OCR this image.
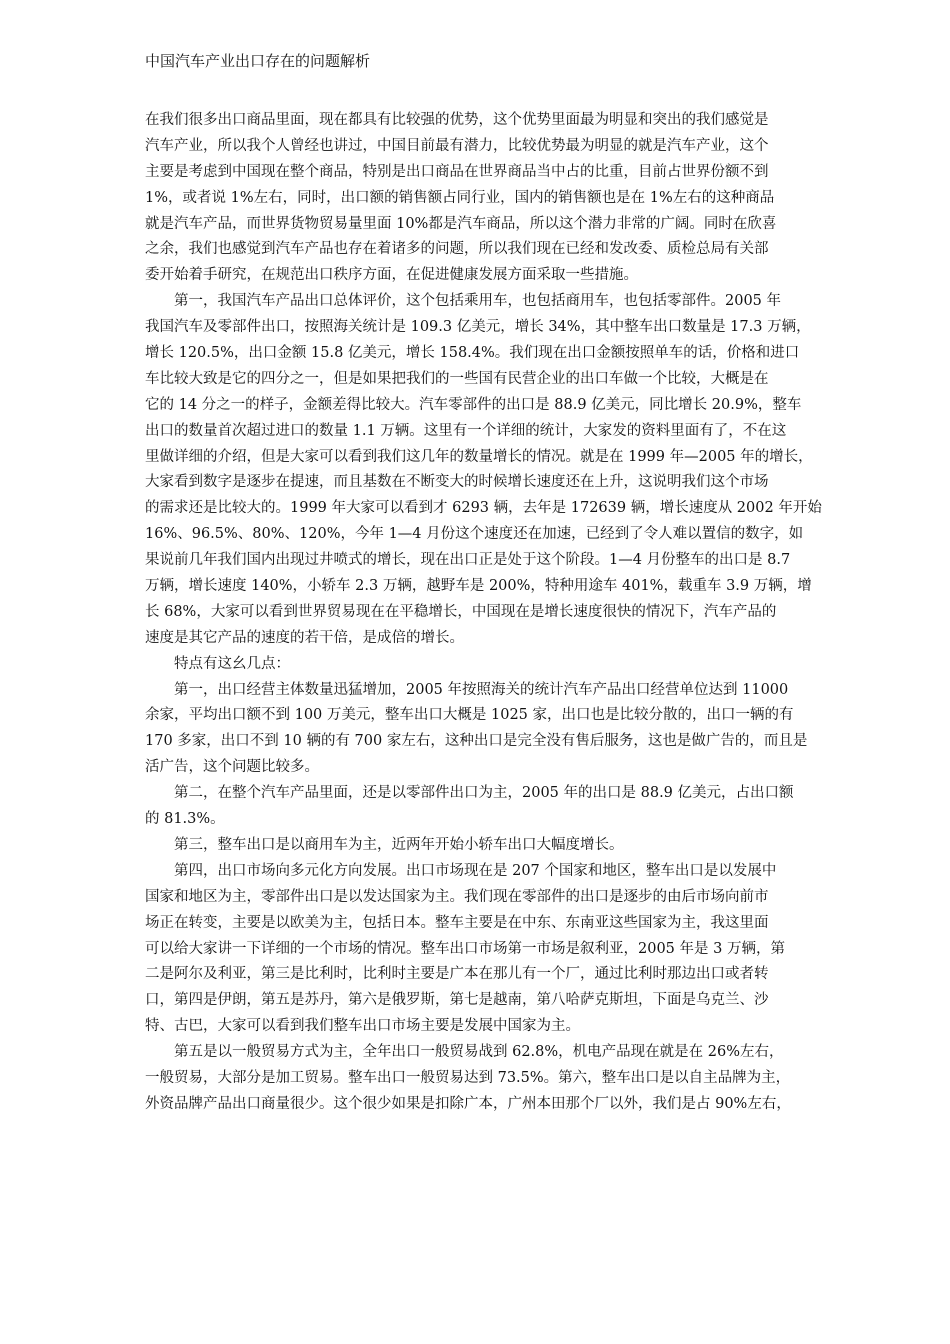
中国汽车产业出口存在的问题解析
在我们很多出口商品里面，现在都具有比较强的优势，这个优势里面最为明显和突出的我们感觉是
汽车产业，所以我个人曾经也讲过，中国目前最有潜力，比较优势最为明显的就是汽车产业，这个
主要是考虑到中国现在整个商品，特别是出口商品在世界商品当中占的比重，目前占世界份额不到
1%，或者说 1%左右，同时，出口额的销售额占同行业，国内的销售额也是在 1%左右的这种商品
就是汽车产品，而世界货物贸易量里面 10%都是汽车商品，所以这个潜力非常的广阔。同时在欣喜
之余，我们也感觉到汽车产品也存在着诸多的问题，所以我们现在已经和发改委、质检总局有关部
委开始着手研究，在规范出口秩序方面，在促进健康发展方面采取一些措施。
　　第一，我国汽车产品出口总体评价，这个包括乘用车，也包括商用车，也包括零部件。2005 年
我国汽车及零部件出口，按照海关统计是 109.3 亿美元，增长 34%，其中整车出口数量是 17.3 万辆，
增长 120.5%，出口金额 15.8 亿美元，增长 158.4%。我们现在出口金额按照单车的话，价格和进口
车比较大致是它的四分之一，但是如果把我们的一些国有民营企业的出口车做一个比较，大概是在
它的 14 分之一的样子，金额差得比较大。汽车零部件的出口是 88.9 亿美元，同比增长 20.9%，整车
出口的数量首次超过进口的数量 1.1 万辆。这里有一个详细的统计，大家发的资料里面有了，不在这
里做详细的介绍，但是大家可以看到我们这几年的数量增长的情况。就是在 1999 年—2005 年的增长，
大家看到数字是逐步在提速，而且基数在不断变大的时候增长速度还在上升，这说明我们这个市场
的需求还是比较大的。1999 年大家可以看到才 6293 辆，去年是 172639 辆，增长速度从 2002 年开始
16%、96.5%、80%、120%，今年 1—4 月份这个速度还在加速，已经到了令人难以置信的数字，如
果说前几年我们国内出现过井喷式的增长，现在出口正是处于这个阶段。1—4 月份整车的出口是 8.7
万辆，增长速度 140%，小轿车 2.3 万辆，越野车是 200%，特种用途车 401%，载重车 3.9 万辆，增
长 68%，大家可以看到世界贸易现在在平稳增长，中国现在是增长速度很快的情况下，汽车产品的
速度是其它产品的速度的若干倍，是成倍的增长。
　　特点有这幺几点：
　　第一，出口经营主体数量迅猛增加，2005 年按照海关的统计汽车产品出口经营单位达到 11000
余家，平均出口额不到 100 万美元，整车出口大概是 1025 家，出口也是比较分散的，出口一辆的有
170 多家，出口不到 10 辆的有 700 家左右，这种出口是完全没有售后服务，这也是做广告的，而且是
活广告，这个问题比较多。
　　第二，在整个汽车产品里面，还是以零部件出口为主，2005 年的出口是 88.9 亿美元，占出口额
的 81.3%。
　　第三，整车出口是以商用车为主，近两年开始小轿车出口大幅度增长。
　　第四，出口市场向多元化方向发展。出口市场现在是 207 个国家和地区，整车出口是以发展中
国家和地区为主，零部件出口是以发达国家为主。我们现在零部件的出口是逐步的由后市场向前市
场正在转变，主要是以欧美为主，包括日本。整车主要是在中东、东南亚这些国家为主，我这里面
可以给大家讲一下详细的一个市场的情况。整车出口市场第一市场是叙利亚，2005 年是 3 万辆，第
二是阿尔及利亚，第三是比利时，比利时主要是广本在那儿有一个厂，通过比利时那边出口或者转
口，第四是伊朗，第五是苏丹，第六是俄罗斯，第七是越南，第八哈萨克斯坦，下面是乌克兰、沙
特、古巴，大家可以看到我们整车出口市场主要是发展中国家为主。
　　第五是以一般贸易方式为主，全年出口一般贸易战到 62.8%，机电产品现在就是在 26%左右，
一般贸易，大部分是加工贸易。整车出口一般贸易达到 73.5%。第六，整车出口是以自主品牌为主，
外资品牌产品出口商量很少。这个很少如果是扣除广本，广州本田那个厂以外，我们是占 90%左右，
